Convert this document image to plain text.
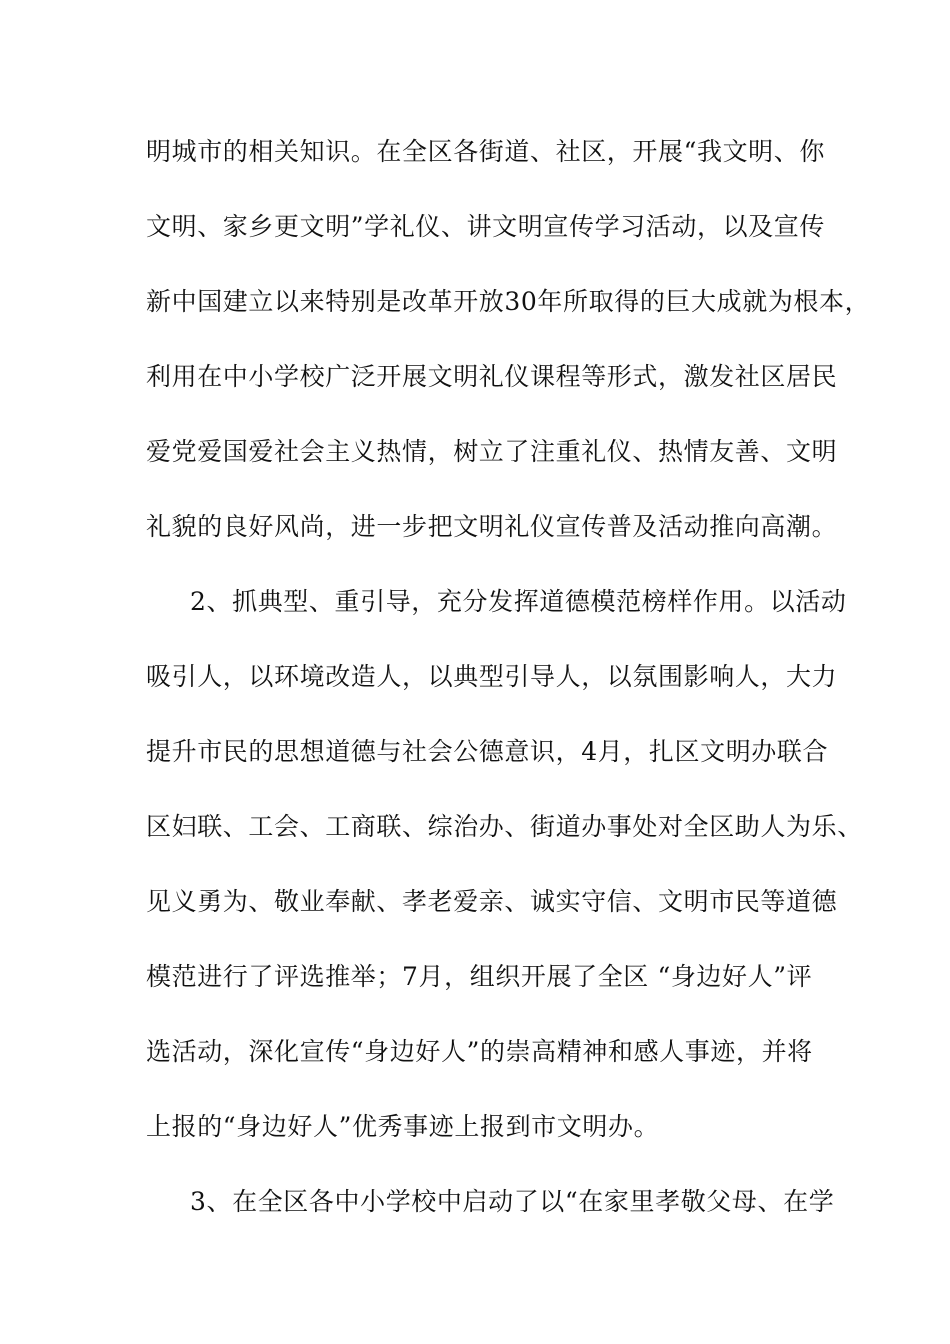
明城市的相关知识。在全区各街道、社区，开展“我文明、你
文明、家乡更文明”学礼仪、讲文明宣传学习活动，以及宣传
新中国建立以来特别是改革开放30年所取得的巨大成就为根本，
利用在中小学校广泛开展文明礼仪课程等形式，激发社区居民
爱党爱国爱社会主义热情，树立了注重礼仪、热情友善、文明
礼貌的良好风尚，进一步把文明礼仪宣传普及活动推向高潮。
2、抓典型、重引导，充分发挥道德模范榜样作用。以活动
吸引人，以环境改造人，以典型引导人，以氛围影响人，大力
提升市民的思想道德与社会公德意识，4月，扎区文明办联合
区妇联、工会、工商联、综治办、街道办事处对全区助人为乐、
见义勇为、敬业奉献、孝老爱亲、诚实守信、文明市民等道德
模范进行了评选推举；7月，组织开展了全区 “身边好人”评
选活动，深化宣传“身边好人”的崇高精神和感人事迹，并将
上报的“身边好人”优秀事迹上报到市文明办。
3、在全区各中小学校中启动了以“在家里孝敬父母、在学
